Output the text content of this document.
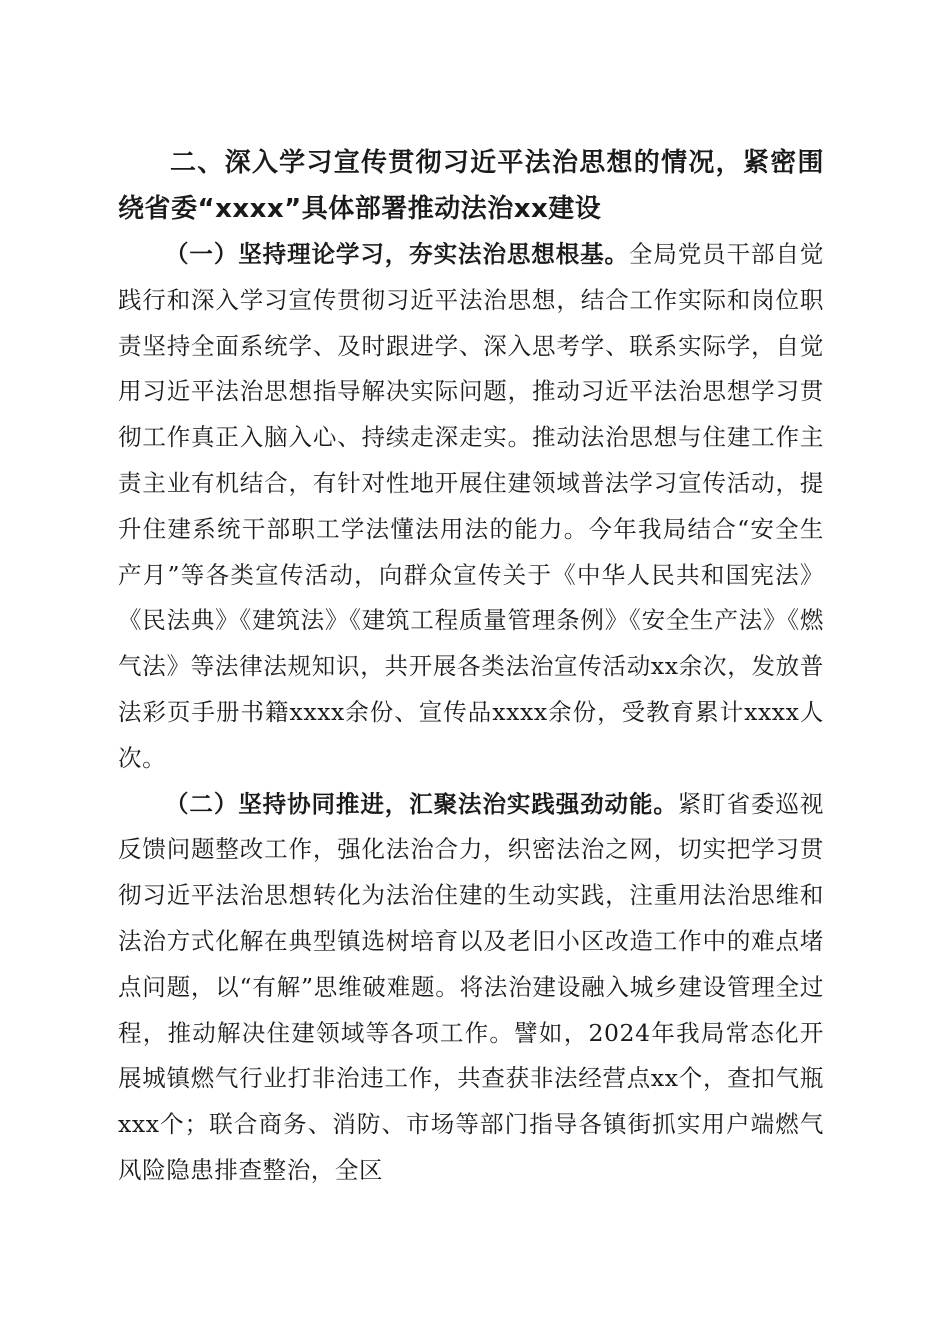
二、深入学习宣传贯彻习近平法治思想的情况，紧密围绕省委“xxxx”具体部署推动法治xx建设

（一）坚持理论学习，夯实法治思想根基。全局党员干部自觉践行和深入学习宣传贯彻习近平法治思想，结合工作实际和岗位职责坚持全面系统学、及时跟进学、深入思考学、联系实际学，自觉用习近平法治思想指导解决实际问题，推动习近平法治思想学习贯彻工作真正入脑入心、持续走深走实。推动法治思想与住建工作主责主业有机结合，有针对性地开展住建领域普法学习宣传活动，提升住建系统干部职工学法懂法用法的能力。今年我局结合“安全生产月”等各类宣传活动，向群众宣传关于《中华人民共和国宪法》《民法典》《建筑法》《建筑工程质量管理条例》《安全生产法》《燃气法》等法律法规知识，共开展各类法治宣传活动xx余次，发放普法彩页手册书籍xxxx余份、宣传品xxxx余份，受教育累计xxxx人次。

（二）坚持协同推进，汇聚法治实践强劲动能。紧盯省委巡视反馈问题整改工作，强化法治合力，织密法治之网，切实把学习贯彻习近平法治思想转化为法治住建的生动实践，注重用法治思维和法治方式化解在典型镇选树培育以及老旧小区改造工作中的难点堵点问题，以“有解”思维破难题。将法治建设融入城乡建设管理全过程，推动解决住建领域等各项工作。譬如，2024年我局常态化开展城镇燃气行业打非治违工作，共查获非法经营点xx个，查扣气瓶xxx个；联合商务、消防、市场等部门指导各镇街抓实用户端燃气风险隐患排查整治，全区
